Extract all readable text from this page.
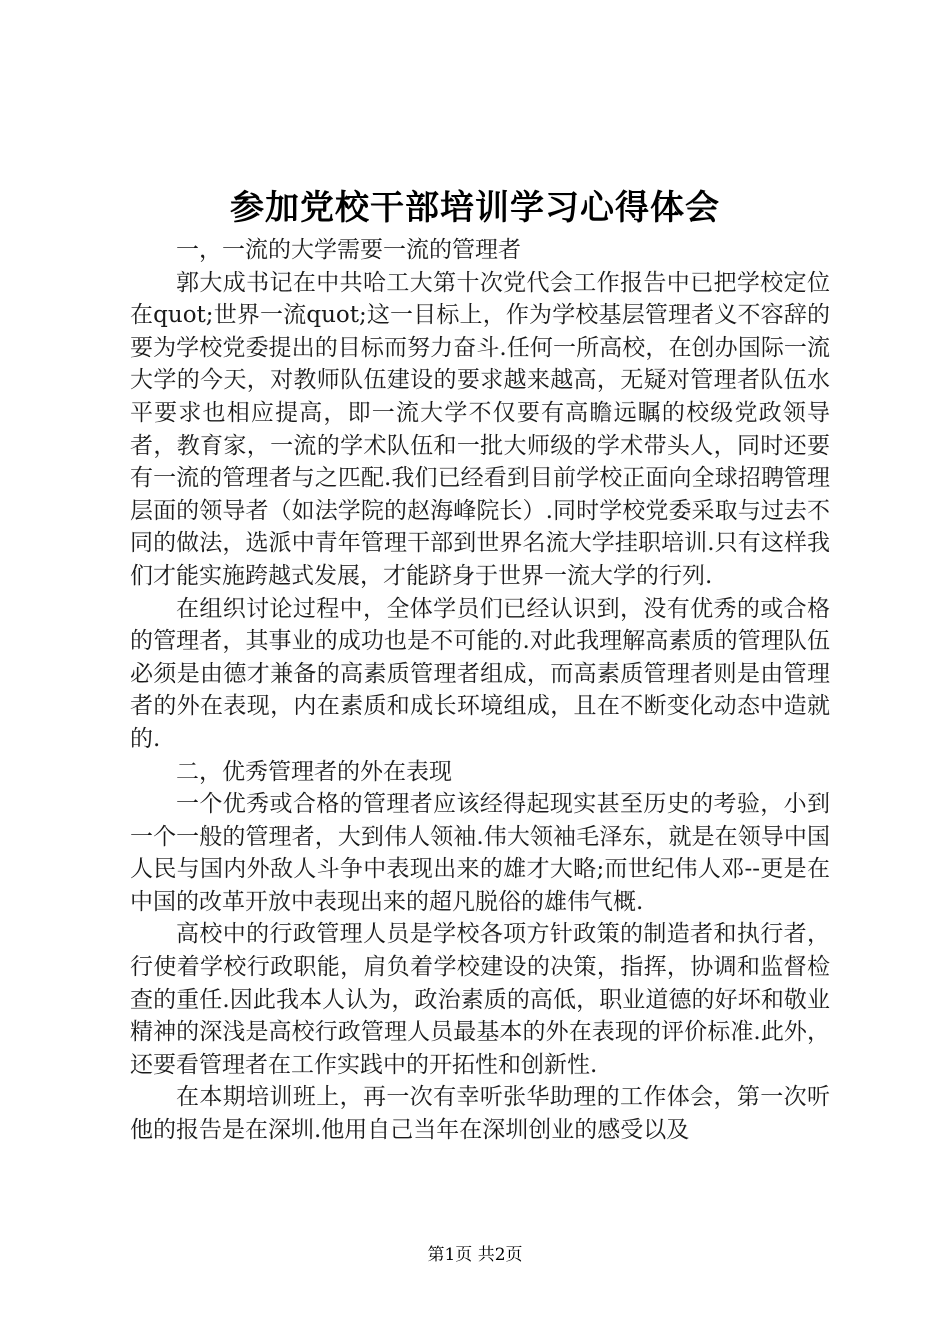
参加党校干部培训学习心得体会

一，一流的大学需要一流的管理者

郭大成书记在中共哈工大第十次党代会工作报告中已把学校定位在quot;世界一流quot;这一目标上，作为学校基层管理者义不容辞的要为学校党委提出的目标而努力奋斗.任何一所高校，在创办国际一流大学的今天，对教师队伍建设的要求越来越高，无疑对管理者队伍水平要求也相应提高，即一流大学不仅要有高瞻远瞩的校级党政领导者，教育家，一流的学术队伍和一批大师级的学术带头人，同时还要有一流的管理者与之匹配.我们已经看到目前学校正面向全球招聘管理层面的领导者（如法学院的赵海峰院长）.同时学校党委采取与过去不同的做法，选派中青年管理干部到世界名流大学挂职培训.只有这样我们才能实施跨越式发展，才能跻身于世界一流大学的行列.

在组织讨论过程中，全体学员们已经认识到，没有优秀的或合格的管理者，其事业的成功也是不可能的.对此我理解高素质的管理队伍必须是由德才兼备的高素质管理者组成，而高素质管理者则是由管理者的外在表现，内在素质和成长环境组成，且在不断变化动态中造就的.

二，优秀管理者的外在表现

一个优秀或合格的管理者应该经得起现实甚至历史的考验，小到一个一般的管理者，大到伟人领袖.伟大领袖毛泽东，就是在领导中国人民与国内外敌人斗争中表现出来的雄才大略;而世纪伟人邓--更是在中国的改革开放中表现出来的超凡脱俗的雄伟气概.

高校中的行政管理人员是学校各项方针政策的制造者和执行者，行使着学校行政职能，肩负着学校建设的决策，指挥，协调和监督检查的重任.因此我本人认为，政治素质的高低，职业道德的好坏和敬业精神的深浅是高校行政管理人员最基本的外在表现的评价标准.此外，还要看管理者在工作实践中的开拓性和创新性.

在本期培训班上，再一次有幸听张华助理的工作体会，第一次听他的报告是在深圳.他用自己当年在深圳创业的感受以及

第1页 共2页
